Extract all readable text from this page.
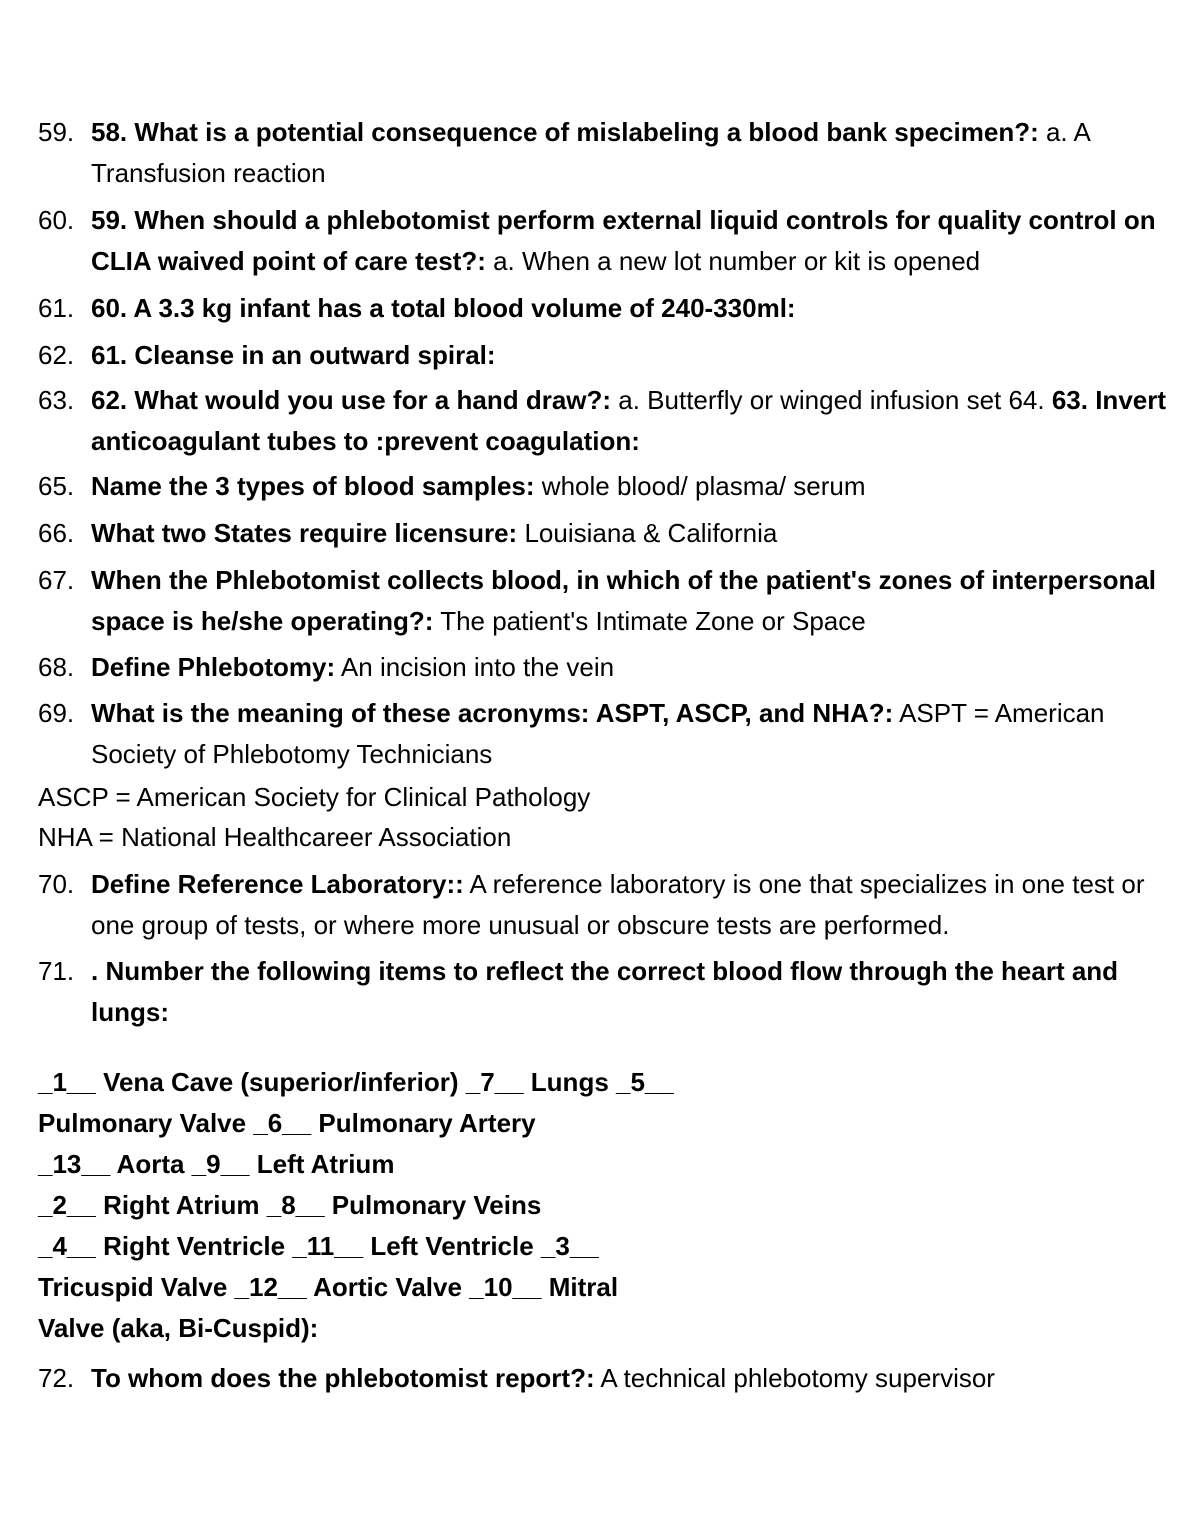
59. 58. What is a potential consequence of mislabeling a blood bank specimen?: a. A Transfusion reaction
60. 59. When should a phlebotomist perform external liquid controls for quality control on CLIA waived point of care test?: a. When a new lot number or kit is opened
61. 60. A 3.3 kg infant has a total blood volume of 240-330ml:
62. 61. Cleanse in an outward spiral:
63. 62. What would you use for a hand draw?: a. Butterfly or winged infusion set 64. 63. Invert anticoagulant tubes to :prevent coagulation:
65. Name the 3 types of blood samples: whole blood/ plasma/ serum
66. What two States require licensure: Louisiana & California
67. When the Phlebotomist collects blood, in which of the patient's zones of interpersonal space is he/she operating?: The patient's Intimate Zone or Space
68. Define Phlebotomy: An incision into the vein
69. What is the meaning of these acronyms: ASPT, ASCP, and NHA?: ASPT = American Society of Phlebotomy Technicians
ASCP = American Society for Clinical Pathology
NHA = National Healthcareer Association
70. Define Reference Laboratory:: A reference laboratory is one that specializes in one test or one group of tests, or where more unusual or obscure tests are performed.
71. . Number the following items to reflect the correct blood flow through the heart and lungs:
_1__ Vena Cave (superior/inferior) _7__ Lungs _5__
Pulmonary Valve _6__ Pulmonary Artery
_13__ Aorta _9__ Left Atrium
_2__ Right Atrium _8__ Pulmonary Veins
_4__ Right Ventricle _11__ Left Ventricle _3__
Tricuspid Valve _12__ Aortic Valve _10__ Mitral
Valve (aka, Bi-Cuspid):
72. To whom does the phlebotomist report?: A technical phlebotomy supervisor
